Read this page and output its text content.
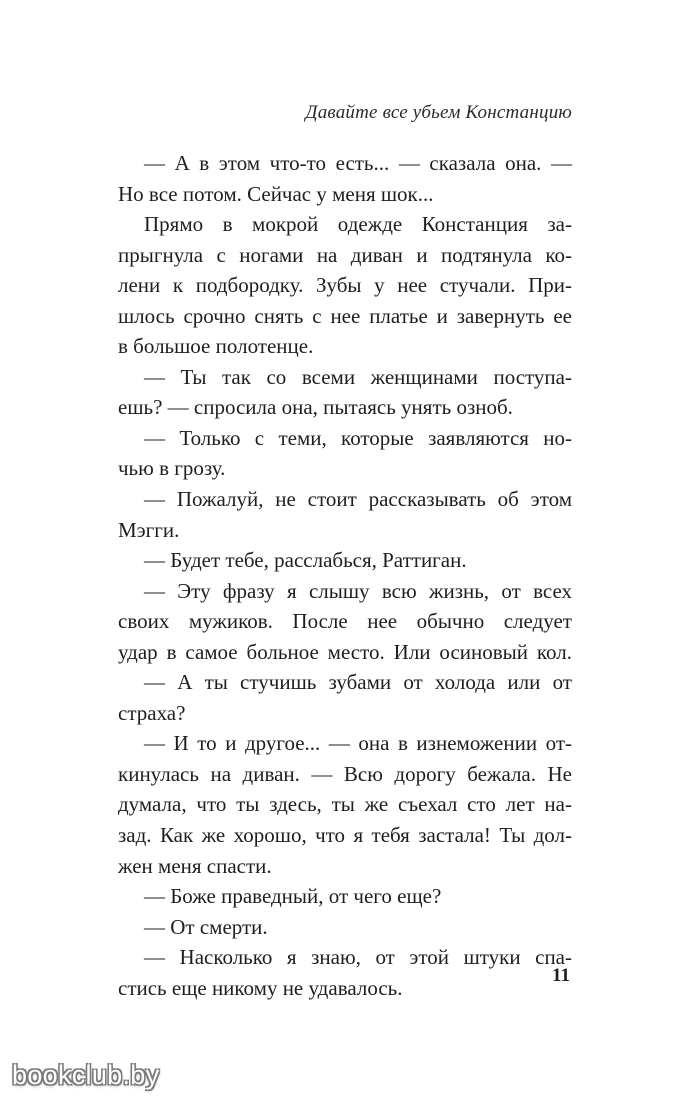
Давайте все убьем Констанцию
— А в этом что-то есть... — сказала она. —
Но все потом. Сейчас у меня шок...
Прямо в мокрой одежде Констанция за-
прыгнула с ногами на диван и подтянула ко-
лени к подбородку. Зубы у нее стучали. При-
шлось срочно снять с нее платье и завернуть ее
в большое полотенце.
— Ты так со всеми женщинами поступа-
ешь? — спросила она, пытаясь унять озноб.
— Только с теми, которые заявляются но-
чью в грозу.
— Пожалуй, не стоит рассказывать об этом
Мэгги.
— Будет тебе, расслабься, Раттиган.
— Эту фразу я слышу всю жизнь, от всех
своих мужиков. После нее обычно следует
удар в самое больное место. Или осиновый кол.
— А ты стучишь зубами от холода или от
страха?
— И то и другое... — она в изнеможении от-
кинулась на диван. — Всю дорогу бежала. Не
думала, что ты здесь, ты же съехал сто лет на-
зад. Как же хорошо, что я тебя застала! Ты дол-
жен меня спасти.
— Боже праведный, от чего еще?
— От смерти.
— Насколько я знаю, от этой штуки спа-
стись еще никому не удавалось.
11
bookclub.by
